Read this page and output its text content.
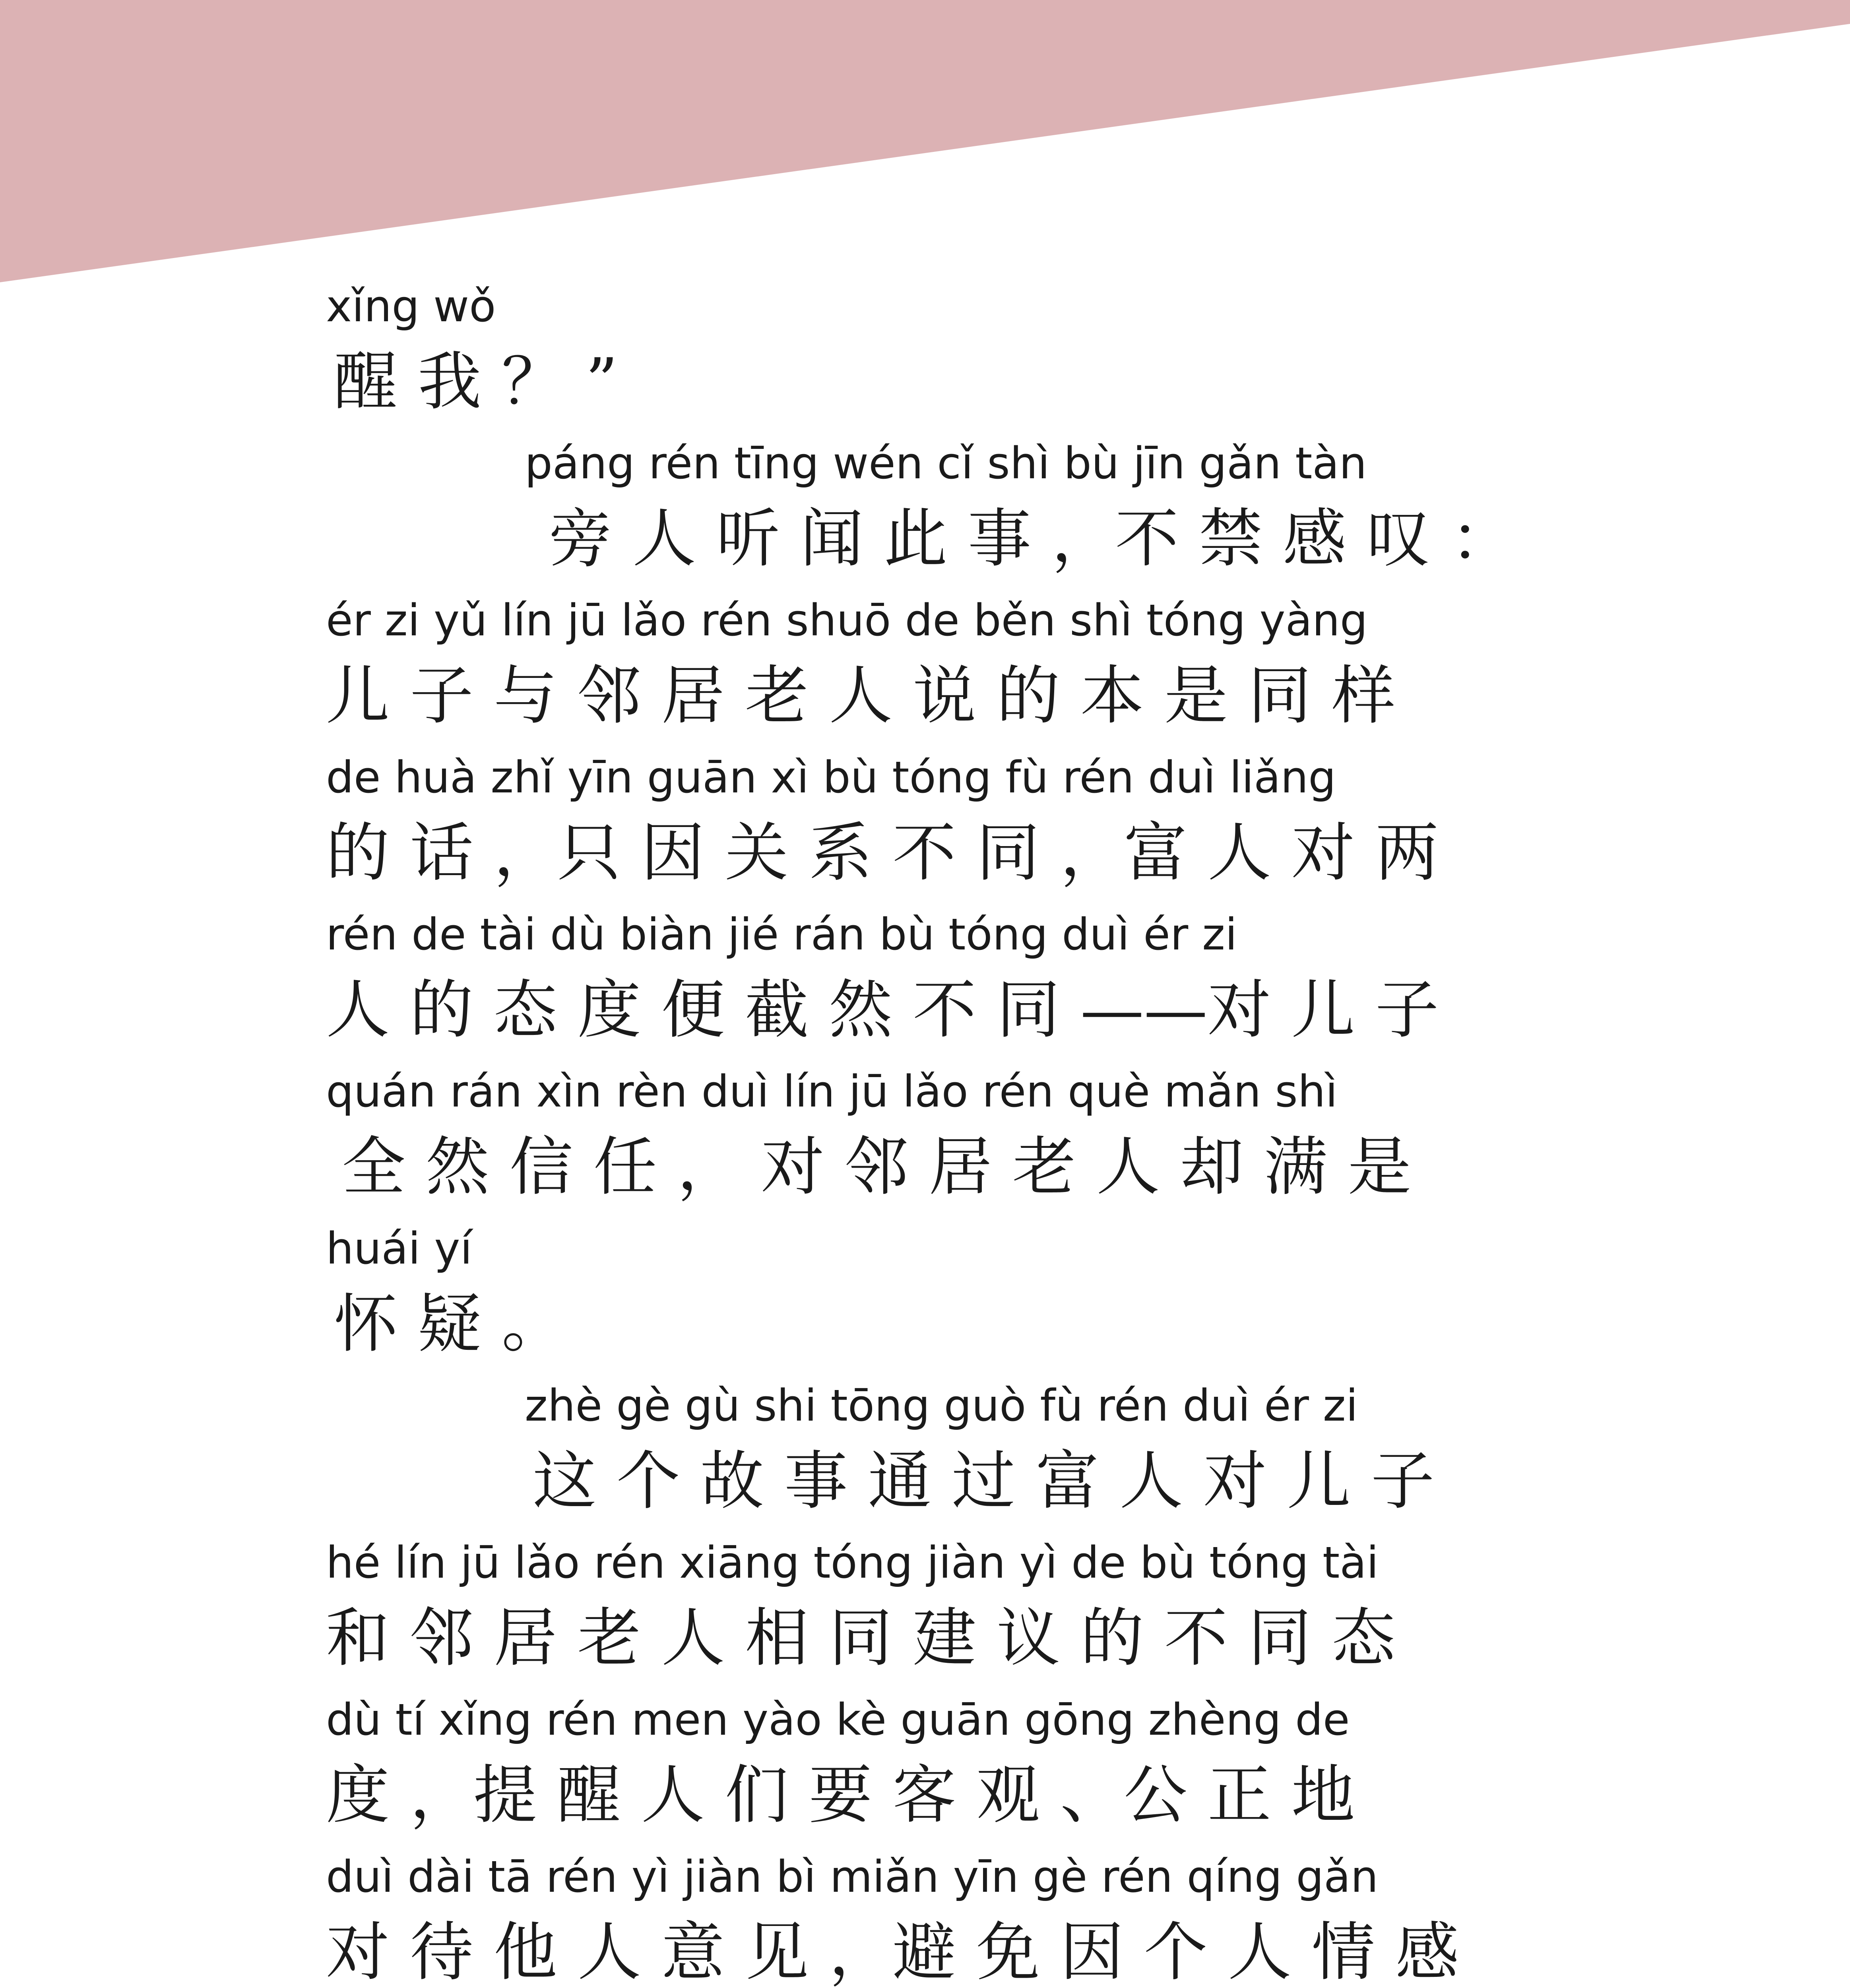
xǐng wǒ
醒 我 ？ ”
páng rén tīng wén cǐ shì bù jīn gǎn tàn
旁 人 听 闻 此 事 ，不 禁 感 叹 ：
ér zi yǔ lín jū lǎo rén shuō de běn shì tóng yàng
儿 子 与 邻 居 老 人 说 的 本 是 同 样
de huà zhǐ yīn guān xì bù tóng fù rén duì liǎng
的 话 ，只 因 关 系 不 同 ，富 人 对 两
rén de tài dù biàn jié rán bù tóng duì ér zi
人 的 态 度 便 截 然 不 同 ——对 儿 子
quán rán xìn rèn duì lín jū lǎo rén què mǎn shì
全 然 信 任 ， 对 邻 居 老 人 却 满 是
huái yí
怀 疑 。
zhè gè gù shi tōng guò fù rén duì ér zi
这 个 故 事 通 过 富 人 对 儿 子
hé lín jū lǎo rén xiāng tóng jiàn yì de bù tóng tài
和 邻 居 老 人 相 同 建 议 的 不 同 态
dù tí xǐng rén men yào kè guān gōng zhèng de
度 ，提 醒 人 们 要 客 观 、公 正 地
duì dài tā rén yì jiàn bì miǎn yīn gè rén qíng gǎn
对 待 他 人 意 见 ，避 免 因 个 人 情 感
